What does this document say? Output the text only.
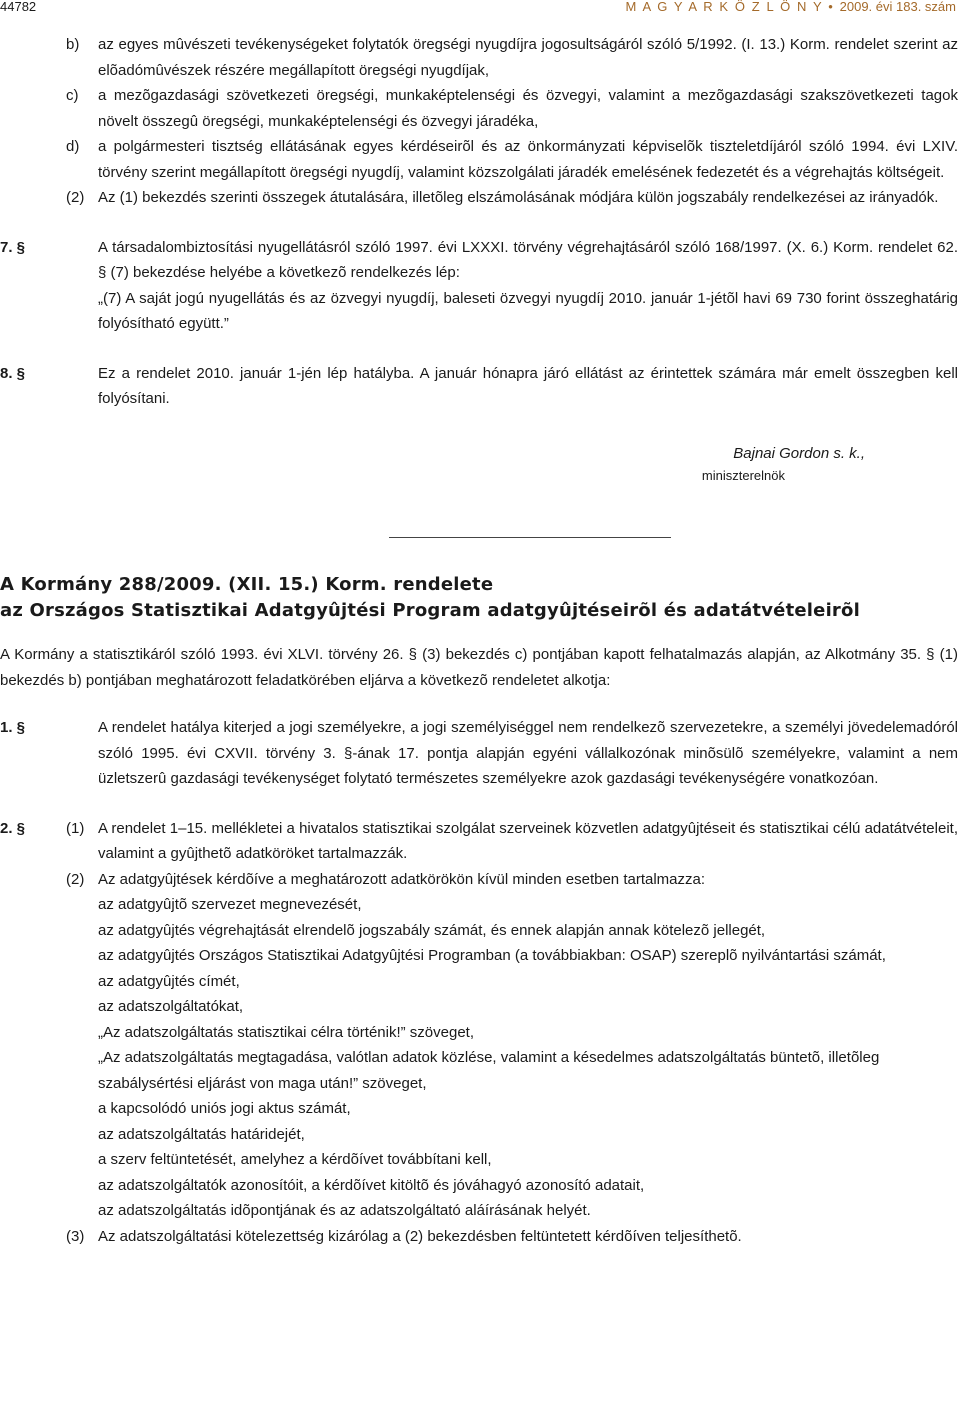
44782	M A G Y A R K Ö Z L Ö N Y • 2009. évi 183. szám
b) az egyes mûvészeti tevékenységeket folytatók öregségi nyugdíjra jogosultságáról szóló 5/1992. (I. 13.) Korm. rendelet szerint az elõadómûvészek részére megállapított öregségi nyugdíjak,
c) a mezõgazdasági szövetkezeti öregségi, munkaképtelenségi és özvegyi, valamint a mezõgazdasági szakszövetkezeti tagok növelt összegû öregségi, munkaképtelenségi és özvegyi járadéka,
d) a polgármesteri tisztség ellátásának egyes kérdéseirõl és az önkormányzati képviselõk tiszteletdíjáról szóló 1994. évi LXIV. törvény szerint megállapított öregségi nyugdíj, valamint közszolgálati járadék emelésének fedezetét és a végrehajtás költségeit.
(2) Az (1) bekezdés szerinti összegek átutalására, illetõleg elszámolásának módjára külön jogszabály rendelkezései az irányadók.
7. §	A társadalombiztosítási nyugellátásról szóló 1997. évi LXXXI. törvény végrehajtásáról szóló 168/1997. (X. 6.) Korm. rendelet 62. § (7) bekezdése helyébe a következõ rendelkezés lép:
„(7) A saját jogú nyugellátás és az özvegyi nyugdíj, baleseti özvegyi nyugdíj 2010. január 1-jétõl havi 69 730 forint összeghatárig folyósítható együtt.”
8. §	Ez a rendelet 2010. január 1-jén lép hatályba. A január hónapra járó ellátást az érintettek számára már emelt összegben kell folyósítani.
Bajnai Gordon s. k.,
miniszterelnök
A Kormány 288/2009. (XII. 15.) Korm. rendelete
az Országos Statisztikai Adatgyûjtési Program adatgyûjtéseirõl és adatátvételeirõl
A Kormány a statisztikáról szóló 1993. évi XLVI. törvény 26. § (3) bekezdés c) pontjában kapott felhatalmazás alapján, az Alkotmány 35. § (1) bekezdés b) pontjában meghatározott feladatkörében eljárva a következõ rendeletet alkotja:
1. §	A rendelet hatálya kiterjed a jogi személyekre, a jogi személyiséggel nem rendelkezõ szervezetekre, a személyi jövedelemadóról szóló 1995. évi CXVII. törvény 3. §-ának 17. pontja alapján egyéni vállalkozónak minõsülõ személyekre, valamint a nem üzletszerû gazdasági tevékenységet folytató természetes személyekre azok gazdasági tevékenységére vonatkozóan.
2. §	(1) A rendelet 1–15. mellékletei a hivatalos statisztikai szolgálat szerveinek közvetlen adatgyûjtéseit és statisztikai célú adatátvételeit, valamint a gyûjthetõ adatköröket tartalmazzák.
(2) Az adatgyûjtések kérdõíve a meghatározott adatkörökön kívül minden esetben tartalmazza:
az adatgyûjtõ szervezet megnevezését,
az adatgyûjtés végrehajtását elrendelõ jogszabály számát, és ennek alapján annak kötelezõ jellegét,
az adatgyûjtés Országos Statisztikai Adatgyûjtési Programban (a továbbiakban: OSAP) szereplõ nyilvántartási számát,
az adatgyûjtés címét,
az adatszolgáltatókat,
„Az adatszolgáltatás statisztikai célra történik!” szöveget,
„Az adatszolgáltatás megtagadása, valótlan adatok közlése, valamint a késedelmes adatszolgáltatás büntetõ, illetõleg szabálysértési eljárást von maga után!” szöveget,
a kapcsolódó uniós jogi aktus számát,
az adatszolgáltatás határidejét,
a szerv feltüntetését, amelyhez a kérdõívet továbbítani kell,
az adatszolgáltatók azonosítóit, a kérdõívet kitöltõ és jóváhagyó azonosító adatait,
az adatszolgáltatás idõpontjának és az adatszolgáltató aláírásának helyét.
(3) Az adatszolgáltatási kötelezettség kizárólag a (2) bekezdésben feltüntetett kérdõíven teljesíthetõ.
